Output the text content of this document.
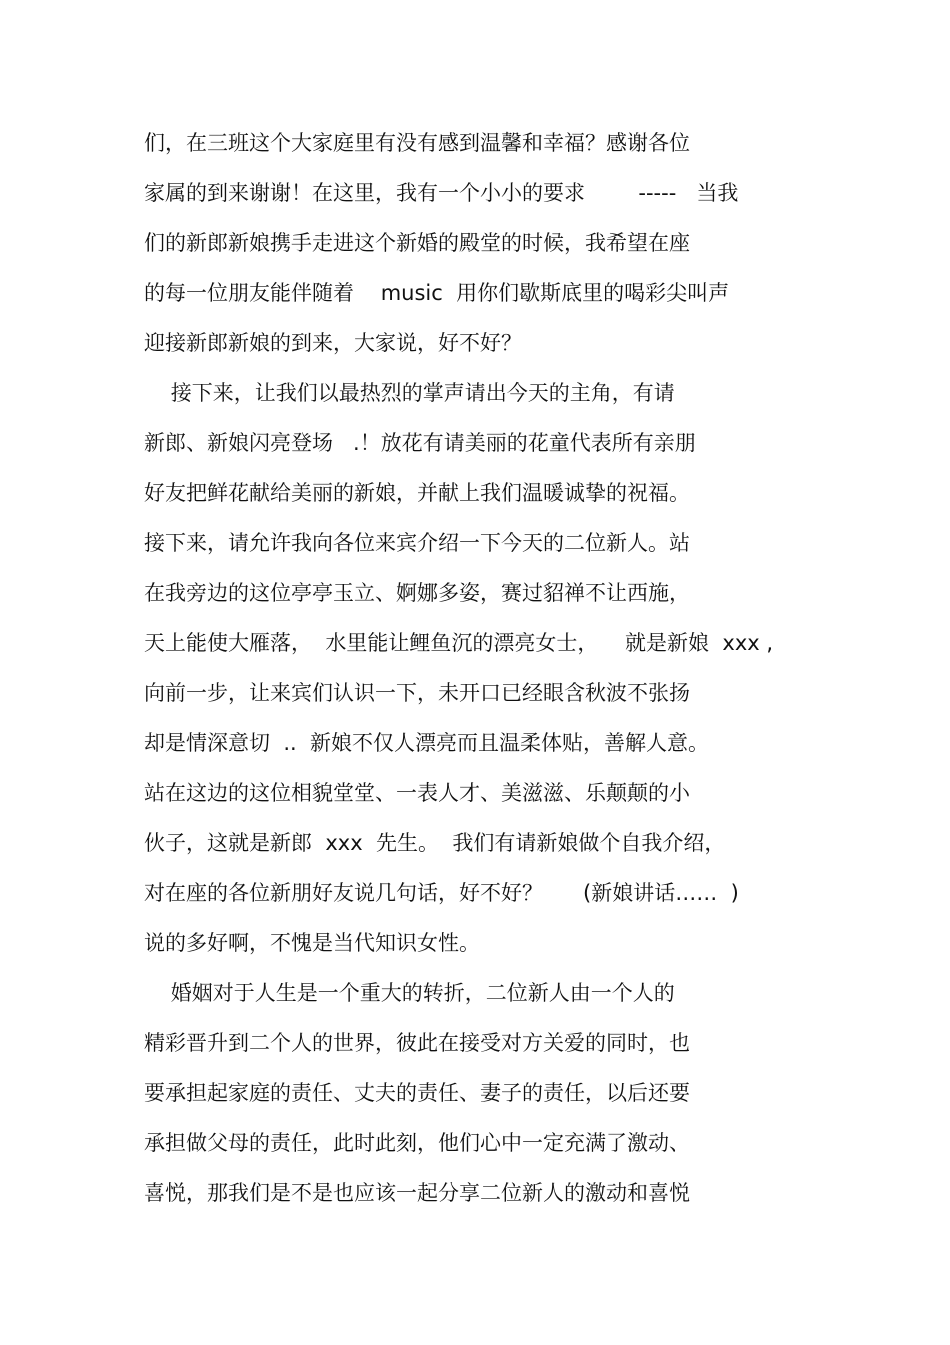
们，在三班这个大家庭里有没有感到温馨和幸福？感谢各位
家属的到来谢谢！在这里，我有一个小小的要求        -----   当我
们的新郎新娘携手走进这个新婚的殿堂的时候，我希望在座
的每一位朋友能伴随着    music  用你们歇斯底里的喝彩尖叫声
迎接新郎新娘的到来，大家说，好不好？
接下来，让我们以最热烈的掌声请出今天的主角，有请
新郎、新娘闪亮登场   .！放花有请美丽的花童代表所有亲朋
好友把鲜花献给美丽的新娘，并献上我们温暖诚挚的祝福。
接下来，请允许我向各位来宾介绍一下今天的二位新人。站
在我旁边的这位亭亭玉立、婀娜多姿，赛过貂禅不让西施，
天上能使大雁落，  水里能让鲤鱼沉的漂亮女士，    就是新娘  xxx ,
向前一步，让来宾们认识一下，未开口已经眼含秋波不张扬
却是情深意切  ..  新娘不仅人漂亮而且温柔体贴，善解人意。
站在这边的这位相貌堂堂、一表人才、美滋滋、乐颠颠的小
伙子，这就是新郎  xxx  先生。  我们有请新娘做个自我介绍，
对在座的各位新朋好友说几句话，好不好？      (新娘讲话……  )
说的多好啊，不愧是当代知识女性。
婚姻对于人生是一个重大的转折，二位新人由一个人的
精彩晋升到二个人的世界，彼此在接受对方关爱的同时，也
要承担起家庭的责任、丈夫的责任、妻子的责任，以后还要
承担做父母的责任，此时此刻，他们心中一定充满了激动、
喜悦，那我们是不是也应该一起分享二位新人的激动和喜悦
